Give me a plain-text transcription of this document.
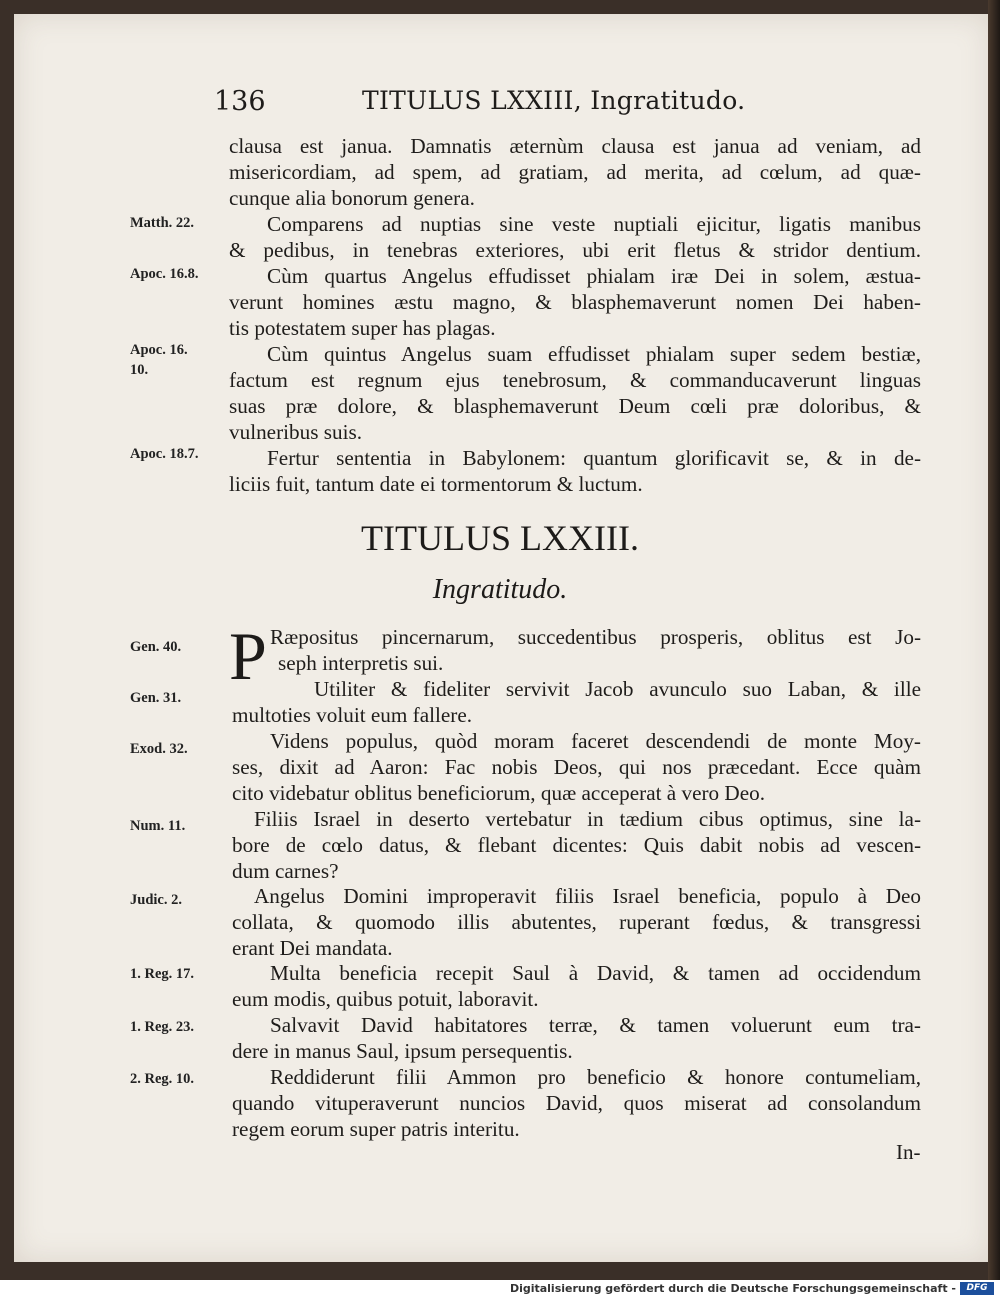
136	TITULUS LXXIII, Ingratitudo.
clausa est janua. Damnatis æternùm clausa est janua ad veniam, ad
misericordiam, ad spem, ad gratiam, ad merita, ad cœlum, ad quæ-
cunque alia bonorum genera.
Matth. 22.	Comparens ad nuptias sine veste nuptiali ejicitur, ligatis manibus
& pedibus, in tenebras exteriores, ubi erit fletus & stridor dentium.
Apoc. 16.8.	Cùm quartus Angelus effudisset phialam iræ Dei in solem, æstua-
verunt homines æstu magno, & blasphemaverunt nomen Dei haben-
tis potestatem super has plagas.
Apoc. 16.
10.
Cùm quintus Angelus suam effudisset phialam super sedem bestiæ,
factum est regnum ejus tenebrosum, & commanducaverunt linguas
suas præ dolore, & blasphemaverunt Deum cœli præ doloribus, &
vulneribus suis.
Apoc. 18.7.	Fertur sententia in Babylonem: quantum glorificavit se, & in de-
liciis fuit, tantum date ei tormentorum & luctum.
TITULUS LXXIII.
Ingratitudo.
Gen. 40. P Ræpositus pincernarum, succedentibus prosperis, oblitus est Jo-
seph interpretis sui.
Gen. 31.	Utiliter & fideliter servivit Jacob avunculo suo Laban, & ille
multoties voluit eum fallere.
Exod. 32.	Videns populus, quòd moram faceret descendendi de monte Moy-
ses, dixit ad Aaron: Fac nobis Deos, qui nos præcedant. Ecce quàm
cito videbatur oblitus beneficiorum, quæ acceperat à vero Deo.
Num. 11.	Filiis Israel in deserto vertebatur in tædium cibus optimus, sine la-
bore de cœlo datus, & flebant dicentes: Quis dabit nobis ad vescen-
dum carnes?
Judic. 2.	Angelus Domini improperavit filiis Israel beneficia, populo à Deo
collata, & quomodo illis abutentes, ruperant fœdus, & transgressi
erant Dei mandata.
1. Reg. 17.	Multa beneficia recepit Saul à David, & tamen ad occidendum
eum modis, quibus potuit, laboravit.
1. Reg. 23.	Salvavit David habitatores terræ, & tamen voluerunt eum tra-
dere in manus Saul, ipsum persequentis.
2. Reg. 10.	Reddiderunt filii Ammon pro beneficio & honore contumeliam,
quando vituperaverunt nuncios David, quos miserat ad consolandum
regem eorum super patris interitu.
In-
Digitalisierung gefördert durch die Deutsche Forschungsgemeinschaft -	DFG
